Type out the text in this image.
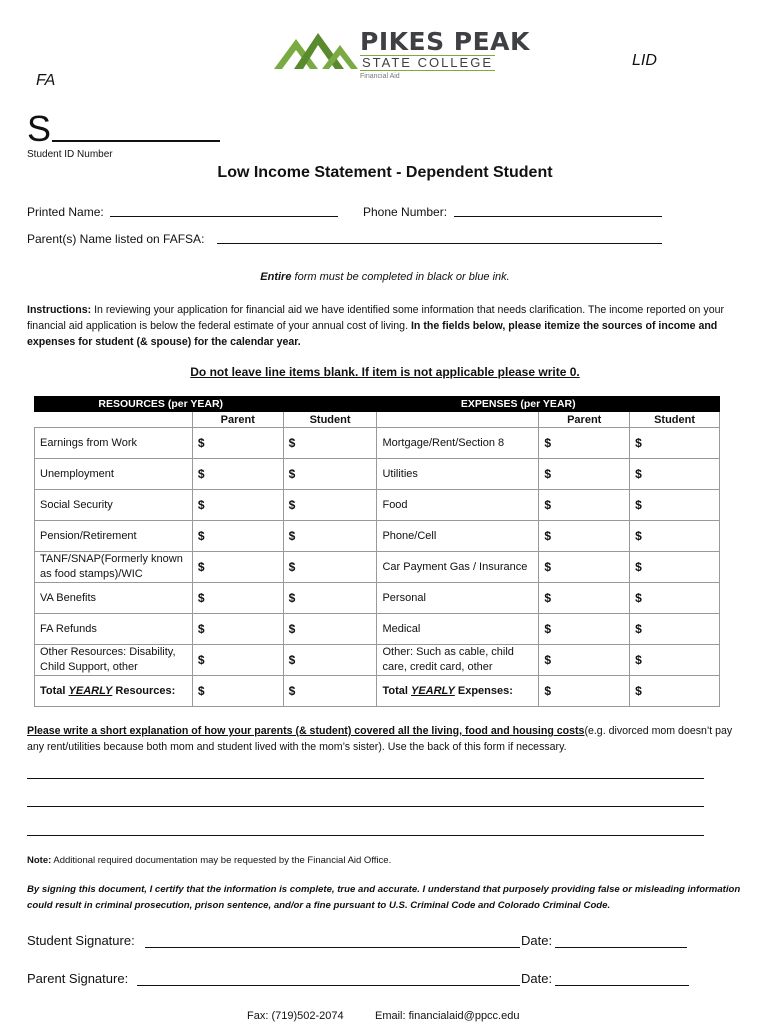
PIKES PEAK
STATE COLLEGE
Financial Aid
FA
LID
S
Student ID Number
Low Income Statement - Dependent Student
Printed Name:	Phone Number:
Parent(s) Name listed on FAFSA:
Entire form must be completed in black or blue ink.
Instructions: In reviewing your application for financial aid we have identified some information that needs clarification. The income reported on your financial aid application is below the federal estimate of your annual cost of living. In the fields below, please itemize the sources of income and expenses for student (& spouse) for the calendar year.
Do not leave line items blank. If item is not applicable please write 0.
RESOURCES (per YEAR)			EXPENSES (per YEAR)		
	Parent	Student		Parent	Student
Earnings from Work	$	$	Mortgage/Rent/Section 8	$	$
Unemployment	$	$	Utilities	$	$
Social Security	$	$	Food	$	$
Pension/Retirement	$	$	Phone/Cell	$	$
TANF/SNAP(Formerly known as food stamps)/WIC	$	$	Car Payment Gas / Insurance	$	$
VA Benefits	$	$	Personal	$	$
FA Refunds	$	$	Medical	$	$
Other Resources: Disability, Child Support, other	$	$	Other: Such as cable, child care, credit card, other	$	$
Total YEARLY Resources:	$	$	Total YEARLY Expenses:	$	$
Please write a short explanation of how your parents (& student) covered all the living, food and housing costs(e.g. divorced mom doesn’t pay any rent/utilities because both mom and student lived with the mom’s sister). Use the back of this form if necessary.
Note: Additional required documentation may be requested by the Financial Aid Office.
By signing this document, I certify that the information is complete, true and accurate. I understand that purposely providing false or misleading information could result in criminal prosecution, prison sentence, and/or a fine pursuant to U.S. Criminal Code and Colorado Criminal Code.
Student Signature:	Date:
Parent Signature:	Date:
Fax: (719)502-2074	Email: financialaid@ppcc.edu
